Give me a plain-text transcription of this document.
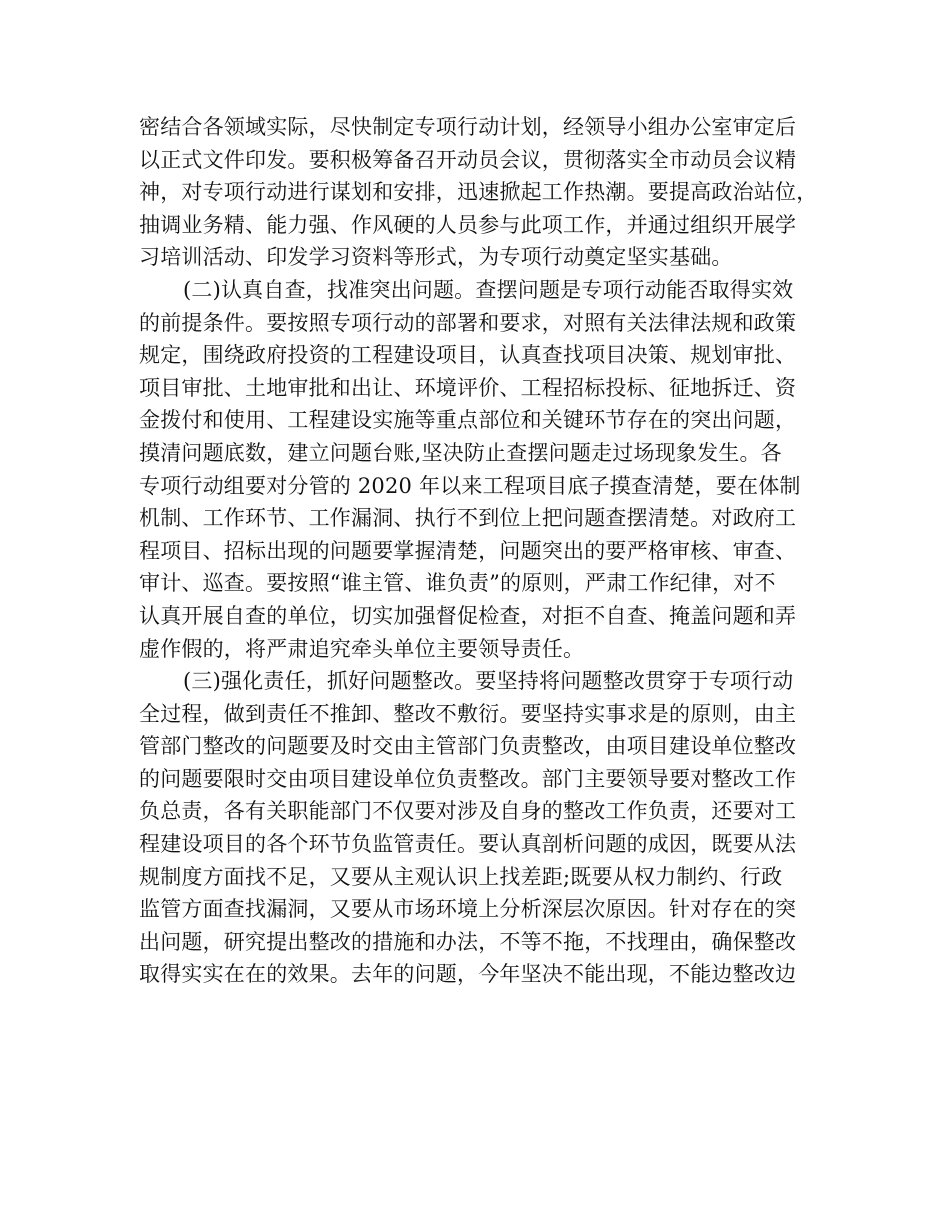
密结合各领域实际，尽快制定专项行动计划，经领导小组办公室审定后
以正式文件印发。要积极筹备召开动员会议，贯彻落实全市动员会议精
神，对专项行动进行谋划和安排，迅速掀起工作热潮。要提高政治站位，
抽调业务精、能力强、作风硬的人员参与此项工作，并通过组织开展学
习培训活动、印发学习资料等形式，为专项行动奠定坚实基础。
(二)认真自查，找准突出问题。查摆问题是专项行动能否取得实效
的前提条件。要按照专项行动的部署和要求，对照有关法律法规和政策
规定，围绕政府投资的工程建设项目，认真查找项目决策、规划审批、
项目审批、土地审批和出让、环境评价、工程招标投标、征地拆迁、资
金拨付和使用、工程建设实施等重点部位和关键环节存在的突出问题，
摸清问题底数，建立问题台账,坚决防止查摆问题走过场现象发生。各
专项行动组要对分管的 2020 年以来工程项目底子摸查清楚，要在体制
机制、工作环节、工作漏洞、执行不到位上把问题查摆清楚。对政府工
程项目、招标出现的问题要掌握清楚，问题突出的要严格审核、审查、
审计、巡查。要按照“谁主管、谁负责”的原则，严肃工作纪律，对不
认真开展自查的单位，切实加强督促检查，对拒不自查、掩盖问题和弄
虚作假的，将严肃追究牵头单位主要领导责任。
(三)强化责任，抓好问题整改。要坚持将问题整改贯穿于专项行动
全过程，做到责任不推卸、整改不敷衍。要坚持实事求是的原则，由主
管部门整改的问题要及时交由主管部门负责整改，由项目建设单位整改
的问题要限时交由项目建设单位负责整改。部门主要领导要对整改工作
负总责，各有关职能部门不仅要对涉及自身的整改工作负责，还要对工
程建设项目的各个环节负监管责任。要认真剖析问题的成因，既要从法
规制度方面找不足，又要从主观认识上找差距;既要从权力制约、行政
监管方面查找漏洞，又要从市场环境上分析深层次原因。针对存在的突
出问题，研究提出整改的措施和办法，不等不拖，不找理由，确保整改
取得实实在在的效果。去年的问题，今年坚决不能出现，不能边整改边
